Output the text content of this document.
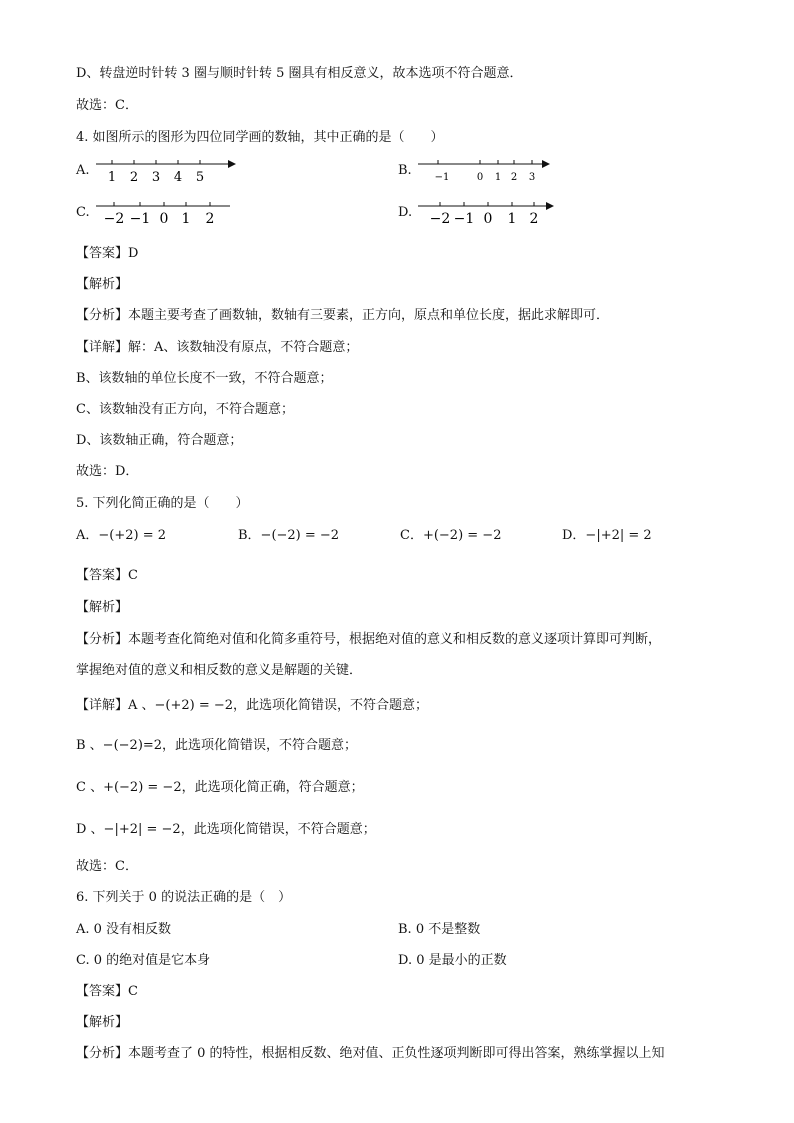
D、转盘逆时针转 3 圈与顺时针转 5 圈具有相反意义，故本选项不符合题意．
故选：C．
4. 如图所示的图形为四位同学画的数轴，其中正确的是（　　）
A. 1 2 3 4 5	B. −1	0 1 2 3
C. −2 −1 0 1 2	D. −2 −1 0 1 2
【答案】D
【解析】
【分析】本题主要考查了画数轴，数轴有三要素，正方向，原点和单位长度，据此求解即可．
【详解】解：A、该数轴没有原点，不符合题意；
B、该数轴的单位长度不一致，不符合题意；
C、该数轴没有正方向，不符合题意；
D、该数轴正确，符合题意；
故选：D．
5. 下列化简正确的是（　　）
A．−(+2) = 2	B．−(−2) = −2	C．+(−2) = −2	D．−|+2| = 2
【答案】C
【解析】
【分析】本题考查化简绝对值和化简多重符号，根据绝对值的意义和相反数的意义逐项计算即可判断，
掌握绝对值的意义和相反数的意义是解题的关键．
【详解】A 、−(+2) = −2，此选项化简错误，不符合题意；
B 、−(−2)=2，此选项化简错误，不符合题意；
C 、+(−2) = −2，此选项化简正确，符合题意；
D 、−|+2| = −2，此选项化简错误，不符合题意；
故选：C．
6. 下列关于 0 的说法正确的是（　）
A. 0 没有相反数	B. 0 不是整数
C. 0 的绝对值是它本身	D. 0 是最小的正数
【答案】C
【解析】
【分析】本题考查了 0 的特性，根据相反数、绝对值、正负性逐项判断即可得出答案，熟练掌握以上知
